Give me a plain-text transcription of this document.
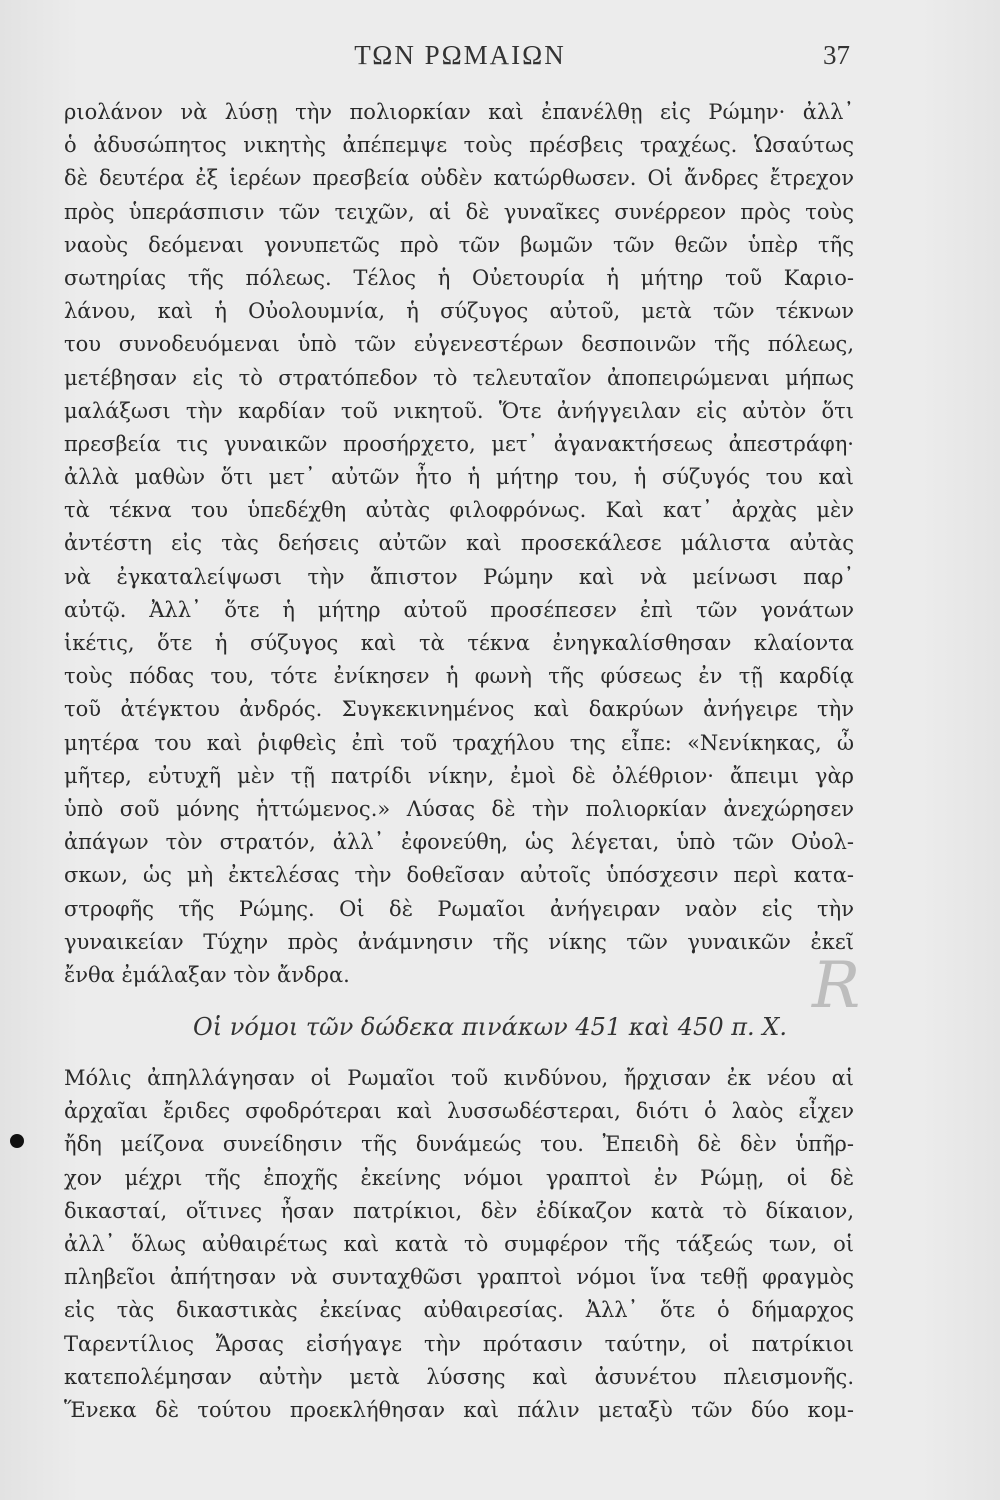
ΤΩΝ ΡΩΜΑΙΩΝ	37
ριολάνον νὰ λύσῃ τὴν πολιορκίαν καὶ ἐπανέλθῃ εἰς Ρώμην· ἀλλ᾽
ὁ ἀδυσώπητος νικητὴς ἀπέπεμψε τοὺς πρέσβεις τραχέως. Ὡσαύτως
δὲ δευτέρα ἐξ ἱερέων πρεσβεία οὐδὲν κατώρθωσεν. Οἱ ἄνδρες ἔτρεχον
πρὸς ὑπεράσπισιν τῶν τειχῶν, αἱ δὲ γυναῖκες συνέρρεον πρὸς τοὺς
ναοὺς δεόμεναι γονυπετῶς πρὸ τῶν βωμῶν τῶν θεῶν ὑπὲρ τῆς
σωτηρίας τῆς πόλεως. Τέλος ἡ Οὐετουρία ἡ μήτηρ τοῦ Καριο-
λάνου, καὶ ἡ Οὐολουμνία, ἡ σύζυγος αὐτοῦ, μετὰ τῶν τέκνων
του συνοδευόμεναι ὑπὸ τῶν εὐγενεστέρων δεσποινῶν τῆς πόλεως,
μετέβησαν εἰς τὸ στρατόπεδον τὸ τελευταῖον ἀποπειρώμεναι μήπως
μαλάξωσι τὴν καρδίαν τοῦ νικητοῦ. Ὅτε ἀνήγγειλαν εἰς αὐτὸν ὅτι
πρεσβεία τις γυναικῶν προσήρχετο, μετ᾽ ἀγανακτήσεως ἀπεστράφη·
ἀλλὰ μαθὼν ὅτι μετ᾽ αὐτῶν ἦτο ἡ μήτηρ του, ἡ σύζυγός του καὶ
τὰ τέκνα του ὑπεδέχθη αὐτὰς φιλοφρόνως. Καὶ κατ᾽ ἀρχὰς μὲν
ἀντέστη εἰς τὰς δεήσεις αὐτῶν καὶ προσεκάλεσε μάλιστα αὐτὰς
νὰ ἐγκαταλείψωσι τὴν ἄπιστον Ρώμην καὶ νὰ μείνωσι παρ᾽
αὐτῷ. Ἀλλ᾽ ὅτε ἡ μήτηρ αὐτοῦ προσέπεσεν ἐπὶ τῶν γονάτων
ἱκέτις, ὅτε ἡ σύζυγος καὶ τὰ τέκνα ἐνηγκαλίσθησαν κλαίοντα
τοὺς πόδας του, τότε ἐνίκησεν ἡ φωνὴ τῆς φύσεως ἐν τῇ καρδίᾳ
τοῦ ἀτέγκτου ἀνδρός. Συγκεκινημένος καὶ δακρύων ἀνήγειρε τὴν
μητέρα του καὶ ῥιφθεὶς ἐπὶ τοῦ τραχήλου της εἶπε: «Νενίκηκας, ὦ
μῆτερ, εὐτυχῆ μὲν τῇ πατρίδι νίκην, ἐμοὶ δὲ ὀλέθριον· ἄπειμι γὰρ
ὑπὸ σοῦ μόνης ἡττώμενος.» Λύσας δὲ τὴν πολιορκίαν ἀνεχώρησεν
ἀπάγων τὸν στρατόν, ἀλλ᾽ ἐφονεύθη, ὡς λέγεται, ὑπὸ τῶν Οὐολ-
σκων, ὡς μὴ ἐκτελέσας τὴν δοθεῖσαν αὐτοῖς ὑπόσχεσιν περὶ κατα-
στροφῆς τῆς Ρώμης. Οἱ δὲ Ρωμαῖοι ἀνήγειραν ναὸν εἰς τὴν
γυναικείαν Τύχην πρὸς ἀνάμνησιν τῆς νίκης τῶν γυναικῶν ἐκεῖ
ἔνθα ἐμάλαξαν τὸν ἄνδρα.	R
Οἱ νόμοι τῶν δώδεκα πινάκων 451 καὶ 450 π. Χ.
Μόλις ἀπηλλάγησαν οἱ Ρωμαῖοι τοῦ κινδύνου, ἤρχισαν ἐκ νέου αἱ
ἀρχαῖαι ἔριδες σφοδρότεραι καὶ λυσσωδέστεραι, διότι ὁ λαὸς εἶχεν
ἤδη μείζονα συνείδησιν τῆς δυνάμεώς του. Ἐπειδὴ δὲ δὲν ὑπῆρ-
χον μέχρι τῆς ἐποχῆς ἐκείνης νόμοι γραπτοὶ ἐν Ρώμῃ, οἱ δὲ
δικασταί, οἵτινες ἦσαν πατρίκιοι, δὲν ἐδίκαζον κατὰ τὸ δίκαιον,
ἀλλ᾽ ὅλως αὐθαιρέτως καὶ κατὰ τὸ συμφέρον τῆς τάξεώς των, οἱ
πληβεῖοι ἀπήτησαν νὰ συνταχθῶσι γραπτοὶ νόμοι ἵνα τεθῇ φραγμὸς
εἰς τὰς δικαστικὰς ἐκείνας αὐθαιρεσίας. Ἀλλ᾽ ὅτε ὁ δήμαρχος
Ταρεντίλιος Ἄρσας εἰσήγαγε τὴν πρότασιν ταύτην, οἱ πατρίκιοι
κατεπολέμησαν αὐτὴν μετὰ λύσσης καὶ ἀσυνέτου πλεισμονῆς.
Ἕνεκα δὲ τούτου προεκλήθησαν καὶ πάλιν μεταξὺ τῶν δύο κομ-
